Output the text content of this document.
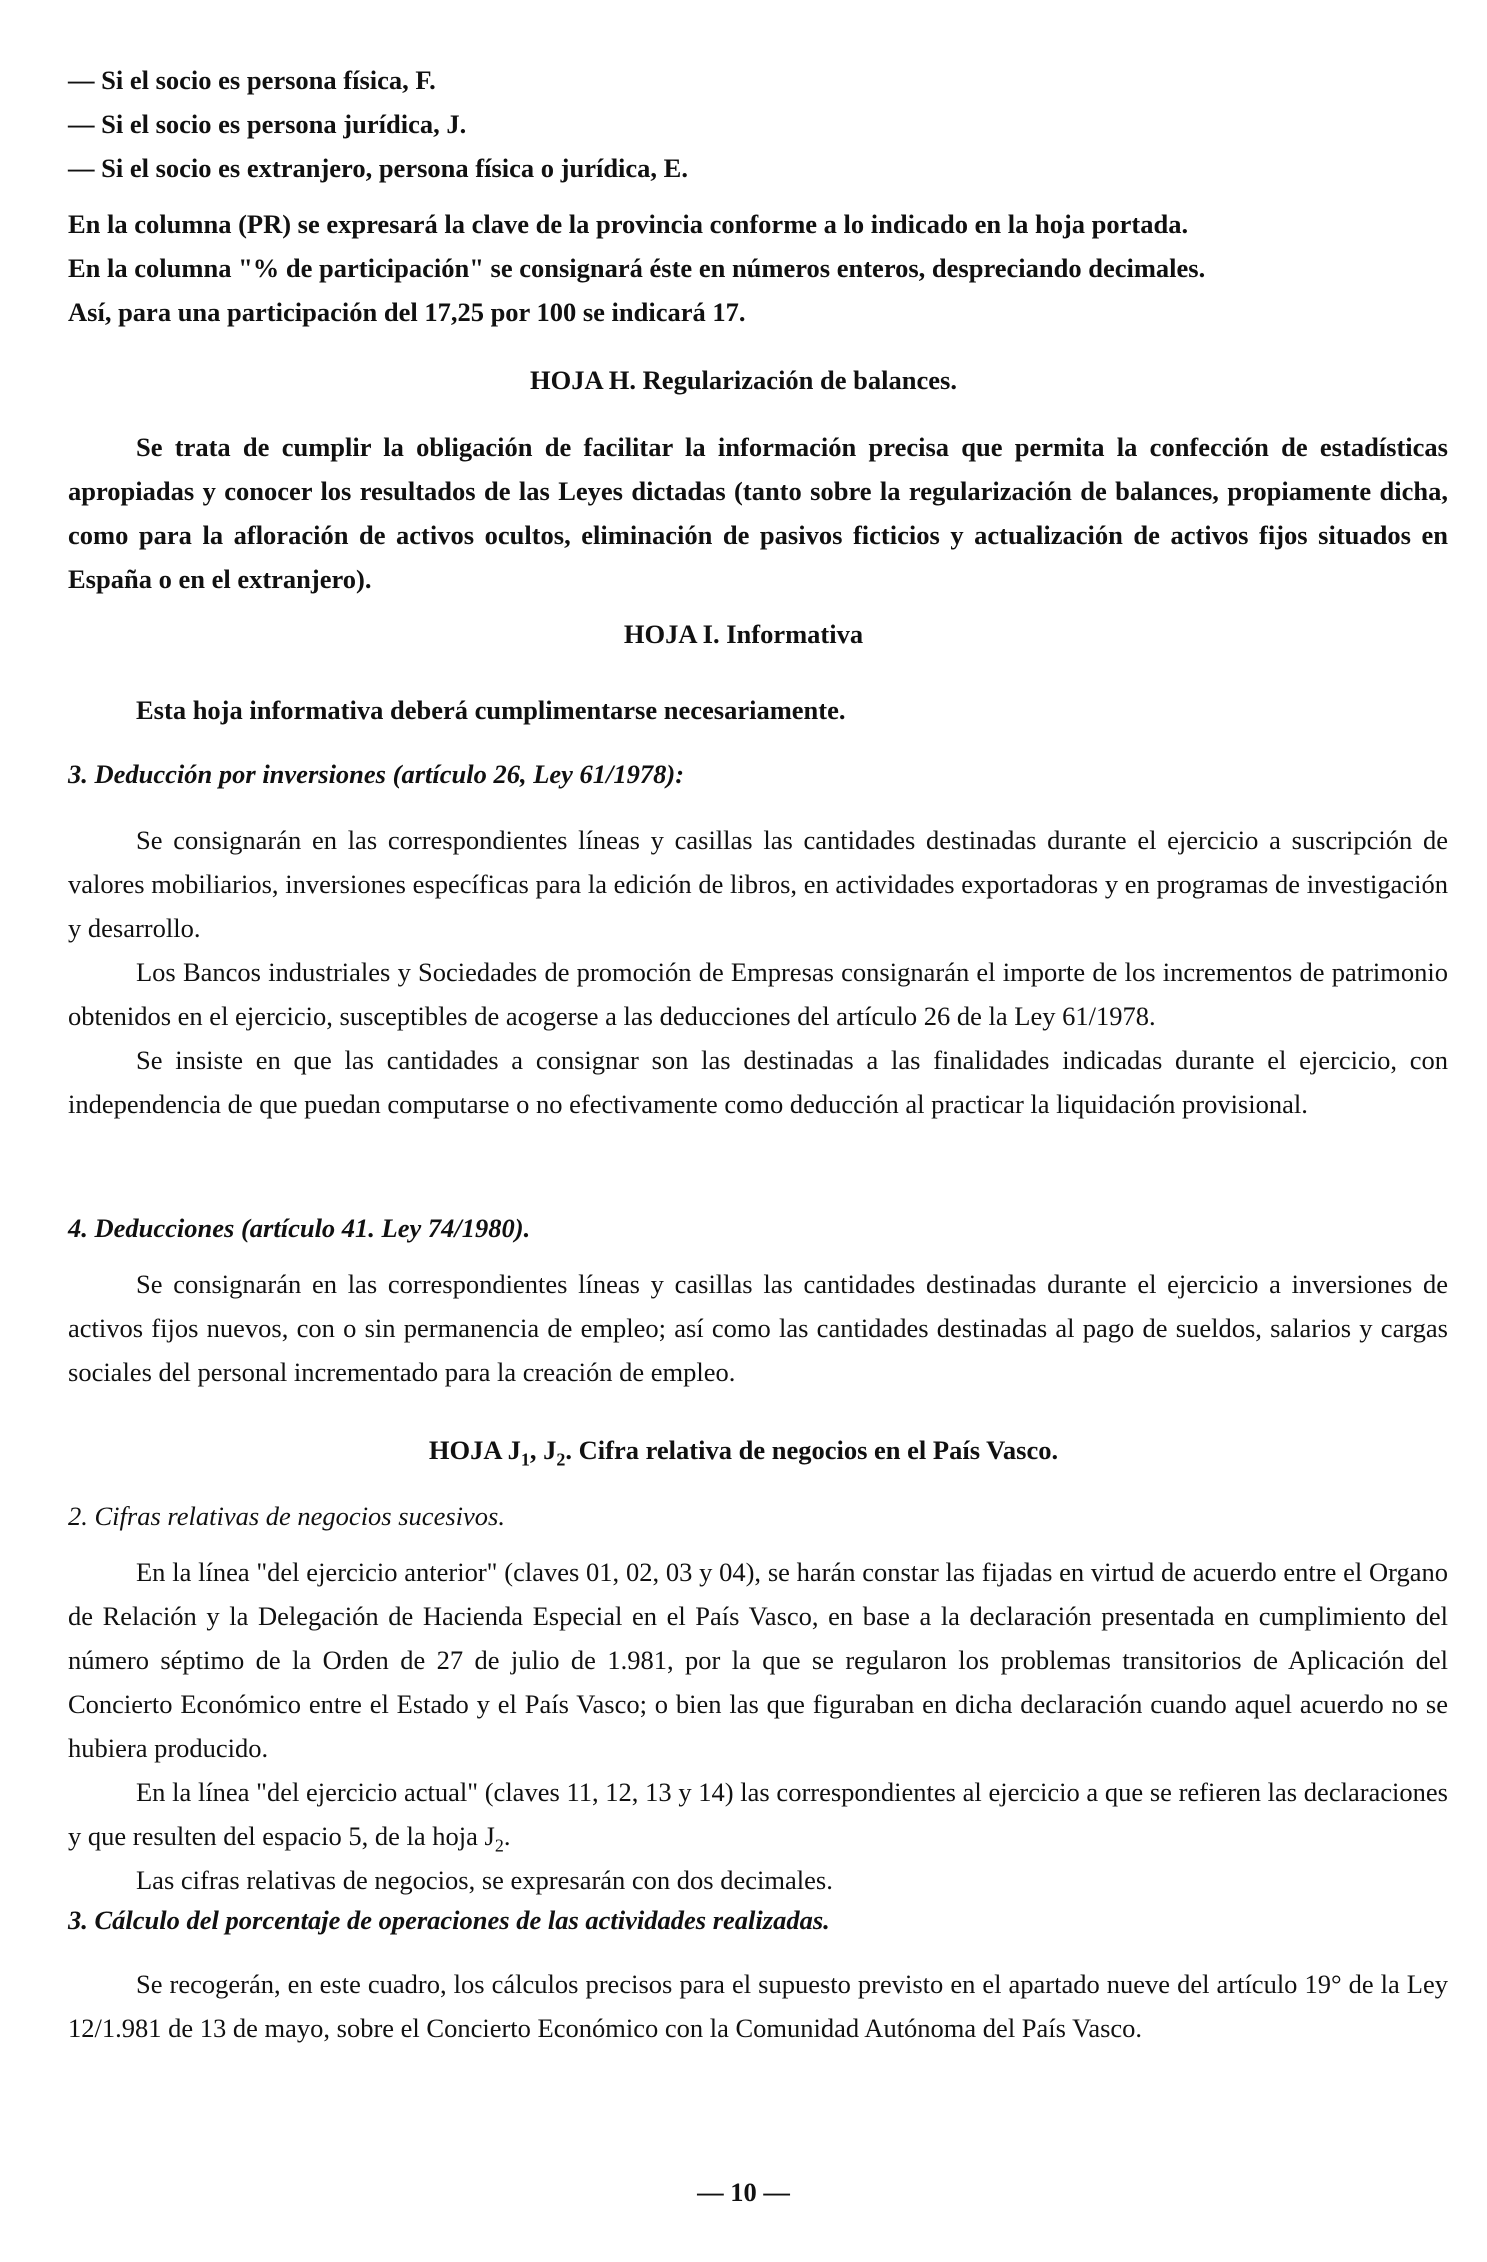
— Si el socio es persona física, F.
— Si el socio es persona jurídica, J.
— Si el socio es extranjero, persona física o jurídica, E.

En la columna (PR) se expresará la clave de la provincia conforme a lo indicado en la hoja portada.

En la columna "% de participación" se consignará éste en números enteros, despreciando decimales.

Así, para una participación del 17,25 por 100 se indicará 17.

HOJA H. Regularización de balances.

Se trata de cumplir la obligación de facilitar la información precisa que permita la confección de estadísticas apropiadas y conocer los resultados de las Leyes dictadas (tanto sobre la regularización de balances, propiamente dicha, como para la afloración de activos ocultos, eliminación de pasivos ficticios y actualización de activos fijos situados en España o en el extranjero).

HOJA I. Informativa

Esta hoja informativa deberá cumplimentarse necesariamente.

3. Deducción por inversiones (artículo 26, Ley 61/1978):

Se consignarán en las correspondientes líneas y casillas las cantidades destinadas durante el ejercicio a suscripción de valores mobiliarios, inversiones específicas para la edición de libros, en actividades exportadoras y en programas de investigación y desarrollo.

Los Bancos industriales y Sociedades de promoción de Empresas consignarán el importe de los incrementos de patrimonio obtenidos en el ejercicio, susceptibles de acogerse a las deducciones del artículo 26 de la Ley 61/1978.

Se insiste en que las cantidades a consignar son las destinadas a las finalidades indicadas durante el ejercicio, con independencia de que puedan computarse o no efectivamente como deducción al practicar la liquidación provisional.

4. Deducciones (artículo 41. Ley 74/1980).

Se consignarán en las correspondientes líneas y casillas las cantidades destinadas durante el ejercicio a inversiones de activos fijos nuevos, con o sin permanencia de empleo; así como las cantidades destinadas al pago de sueldos, salarios y cargas sociales del personal incrementado para la creación de empleo.

HOJA $J_1$, $J_2$. Cifra relativa de negocios en el País Vasco.

2. Cifras relativas de negocios sucesivos.

En la línea "del ejercicio anterior" (claves 01, 02, 03 y 04), se harán constar las fijadas en virtud de acuerdo entre el Organo de Relación y la Delegación de Hacienda Especial en el País Vasco, en base a la declaración presentada en cumplimiento del número séptimo de la Orden de 27 de julio de 1.981, por la que se regularon los problemas transitorios de Aplicación del Concierto Económico entre el Estado y el País Vasco; o bien las que figuraban en dicha declaración cuando aquel acuerdo no se hubiera producido.

En la línea "del ejercicio actual" (claves 11, 12, 13 y 14) las correspondientes al ejercicio a que se refieren las declaraciones y que resulten del espacio 5, de la hoja $J_2$.

Las cifras relativas de negocios, se expresarán con dos decimales.

3. Cálculo del porcentaje de operaciones de las actividades realizadas.

Se recogerán, en este cuadro, los cálculos precisos para el supuesto previsto en el apartado nueve del artículo 19° de la Ley 12/1.981 de 13 de mayo, sobre el Concierto Económico con la Comunidad Autónoma del País Vasco.

— 10 —
